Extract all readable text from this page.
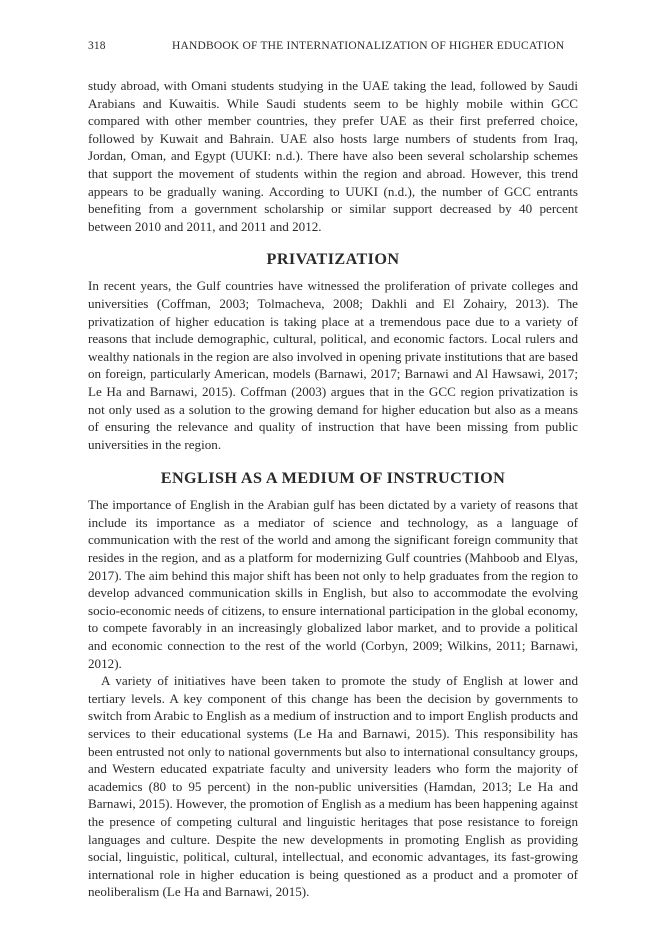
318	HANDBOOK OF THE INTERNATIONALIZATION OF HIGHER EDUCATION

study abroad, with Omani students studying in the UAE taking the lead, followed by Saudi Arabians and Kuwaitis. While Saudi students seem to be highly mobile within GCC compared with other member countries, they prefer UAE as their first preferred choice, followed by Kuwait and Bahrain. UAE also hosts large numbers of students from Iraq, Jordan, Oman, and Egypt (UUKI: n.d.). There have also been several scholarship schemes that support the movement of students within the region and abroad. However, this trend appears to be gradually waning. According to UUKI (n.d.), the number of GCC entrants benefiting from a government scholarship or similar support decreased by 40 percent between 2010 and 2011, and 2011 and 2012.

PRIVATIZATION

In recent years, the Gulf countries have witnessed the proliferation of private colleges and universities (Coffman, 2003; Tolmacheva, 2008; Dakhli and El Zohairy, 2013). The privatization of higher education is taking place at a tremendous pace due to a variety of reasons that include demographic, cultural, political, and economic factors. Local rulers and wealthy nationals in the region are also involved in opening private institutions that are based on foreign, particularly American, models (Barnawi, 2017; Barnawi and Al Hawsawi, 2017; Le Ha and Barnawi, 2015). Coffman (2003) argues that in the GCC region privatization is not only used as a solution to the growing demand for higher education but also as a means of ensuring the relevance and quality of instruction that have been missing from public universities in the region.

ENGLISH AS A MEDIUM OF INSTRUCTION

The importance of English in the Arabian gulf has been dictated by a variety of reasons that include its importance as a mediator of science and technology, as a language of communication with the rest of the world and among the significant foreign community that resides in the region, and as a platform for modernizing Gulf countries (Mahboob and Elyas, 2017). The aim behind this major shift has been not only to help graduates from the region to develop advanced communication skills in English, but also to accommodate the evolving socio-economic needs of citizens, to ensure international participation in the global economy, to compete favorably in an increasingly globalized labor market, and to provide a political and economic connection to the rest of the world (Corbyn, 2009; Wilkins, 2011; Barnawi, 2012).

A variety of initiatives have been taken to promote the study of English at lower and tertiary levels. A key component of this change has been the decision by governments to switch from Arabic to English as a medium of instruction and to import English products and services to their educational systems (Le Ha and Barnawi, 2015). This responsibility has been entrusted not only to national governments but also to international consultancy groups, and Western educated expatriate faculty and university leaders who form the majority of academics (80 to 95 percent) in the non-public universities (Hamdan, 2013; Le Ha and Barnawi, 2015). However, the promotion of English as a medium has been happening against the presence of competing cultural and linguistic heritages that pose resistance to foreign languages and culture. Despite the new developments in promoting English as providing social, linguistic, political, cultural, intellectual, and economic advantages, its fast-growing international role in higher education is being questioned as a product and a promoter of neoliberalism (Le Ha and Barnawi, 2015).
